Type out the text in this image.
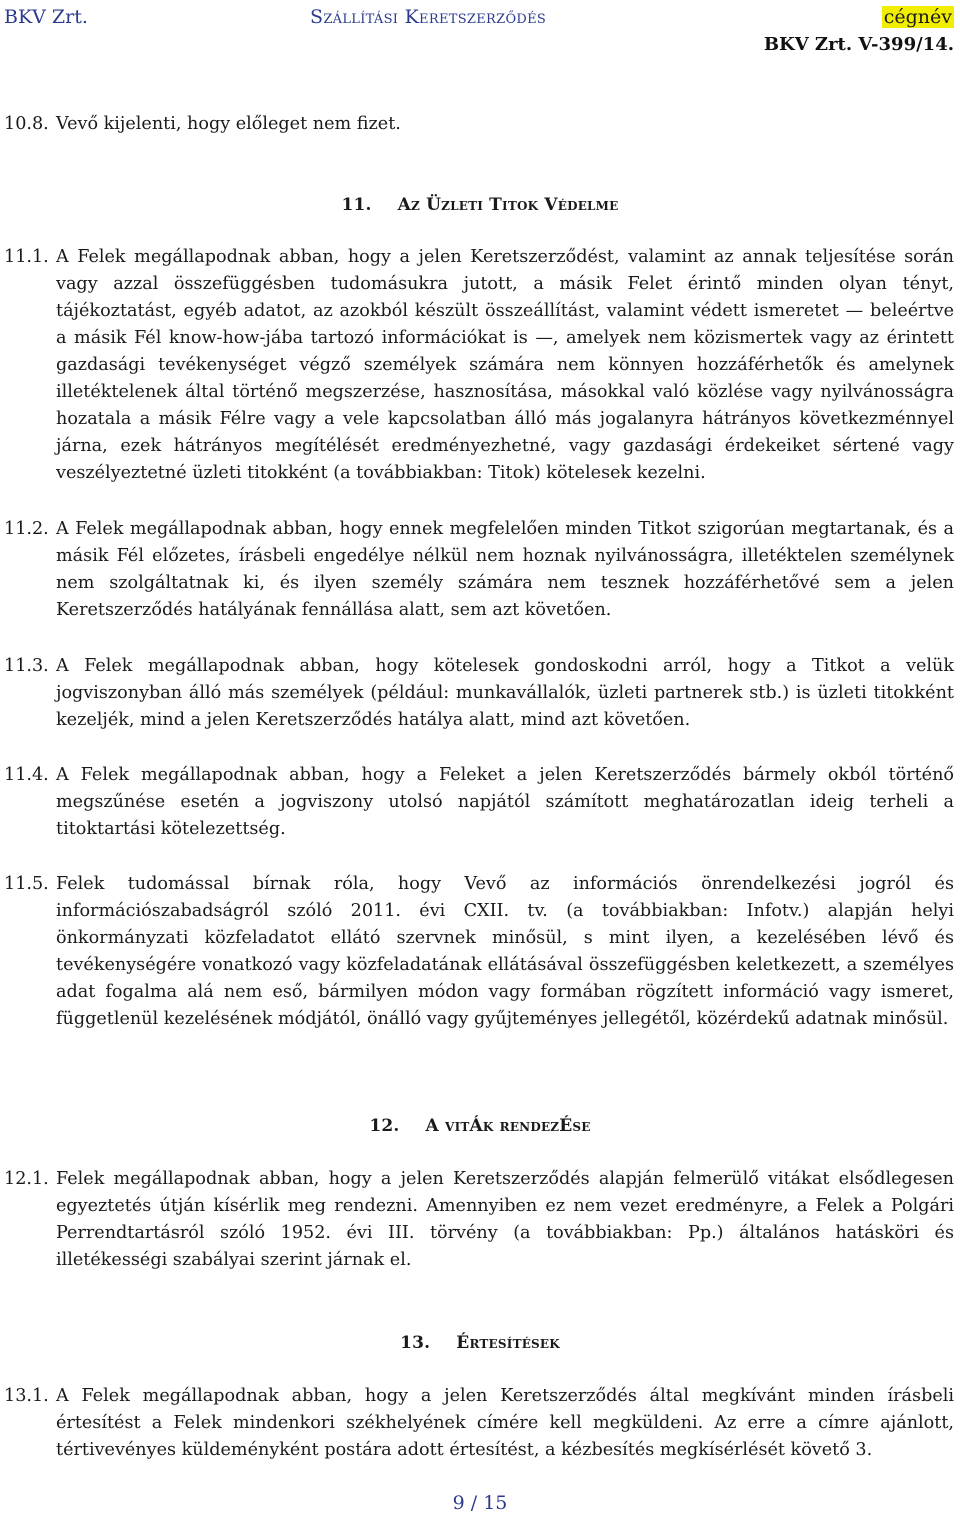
BKV Zrt.	Szállítási Keretszerződés	cégnév
BKV Zrt. V-399/14.
10.8. Vevő kijelenti, hogy előleget nem fizet.
11. Az Üzleti Titok Védelme
11.1. A Felek megállapodnak abban, hogy a jelen Keretszerződést, valamint az annak teljesítése során vagy azzal összefüggésben tudomásukra jutott, a másik Felet érintő minden olyan tényt, tájékoztatást, egyéb adatot, az azokból készült összeállítást, valamint védett ismeretet — beleértve a másik Fél know-how-jába tartozó információkat is —, amelyek nem közismertek vagy az érintett gazdasági tevékenységet végző személyek számára nem könnyen hozzáférhetők és amelynek illetéktelenek által történő megszerzése, hasznosítása, másokkal való közlése vagy nyilvánosságra hozatala a másik Félre vagy a vele kapcsolatban álló más jogalanyra hátrányos következménnyel járna, ezek hátrányos megítélését eredményezhetné, vagy gazdasági érdekeiket sértené vagy veszélyeztetné üzleti titokként (a továbbiakban: Titok) kötelesek kezelni.
11.2. A Felek megállapodnak abban, hogy ennek megfelelően minden Titkot szigorúan megtartanak, és a másik Fél előzetes, írásbeli engedélye nélkül nem hoznak nyilvánosságra, illetéktelen személynek nem szolgáltatnak ki, és ilyen személy számára nem tesznek hozzáférhetővé sem a jelen Keretszerződés hatályának fennállása alatt, sem azt követően.
11.3. A Felek megállapodnak abban, hogy kötelesek gondoskodni arról, hogy a Titkot a velük jogviszonyban álló más személyek (például: munkavállalók, üzleti partnerek stb.) is üzleti titokként kezeljék, mind a jelen Keretszerződés hatálya alatt, mind azt követően.
11.4. A Felek megállapodnak abban, hogy a Feleket a jelen Keretszerződés bármely okból történő megszűnése esetén a jogviszony utolsó napjától számított meghatározatlan ideig terheli a titoktartási kötelezettség.
11.5. Felek tudomással bírnak róla, hogy Vevő az információs önrendelkezési jogról és információszabadságról szóló 2011. évi CXII. tv. (a továbbiakban: Infotv.) alapján helyi önkormányzati közfeladatot ellátó szervnek minősül, s mint ilyen, a kezelésében lévő és tevékenységére vonatkozó vagy közfeladatának ellátásával összefüggésben keletkezett, a személyes adat fogalma alá nem eső, bármilyen módon vagy formában rögzített információ vagy ismeret, függetlenül kezelésének módjától, önálló vagy gyűjteményes jellegétől, közérdekű adatnak minősül.
12. A vitÁk rendezÉse
12.1. Felek megállapodnak abban, hogy a jelen Keretszerződés alapján felmerülő vitákat elsődlegesen egyeztetés útján kísérlik meg rendezni. Amennyiben ez nem vezet eredményre, a Felek a Polgári Perrendtartásról szóló 1952. évi III. törvény (a továbbiakban: Pp.) általános hatásköri és illetékességi szabályai szerint járnak el.
13. Értesítések
13.1. A Felek megállapodnak abban, hogy a jelen Keretszerződés által megkívánt minden írásbeli értesítést a Felek mindenkori székhelyének címére kell megküldeni. Az erre a címre ajánlott, tértivevényes küldeményként postára adott értesítést, a kézbesítés megkísérlését követő 3.
9 / 15
